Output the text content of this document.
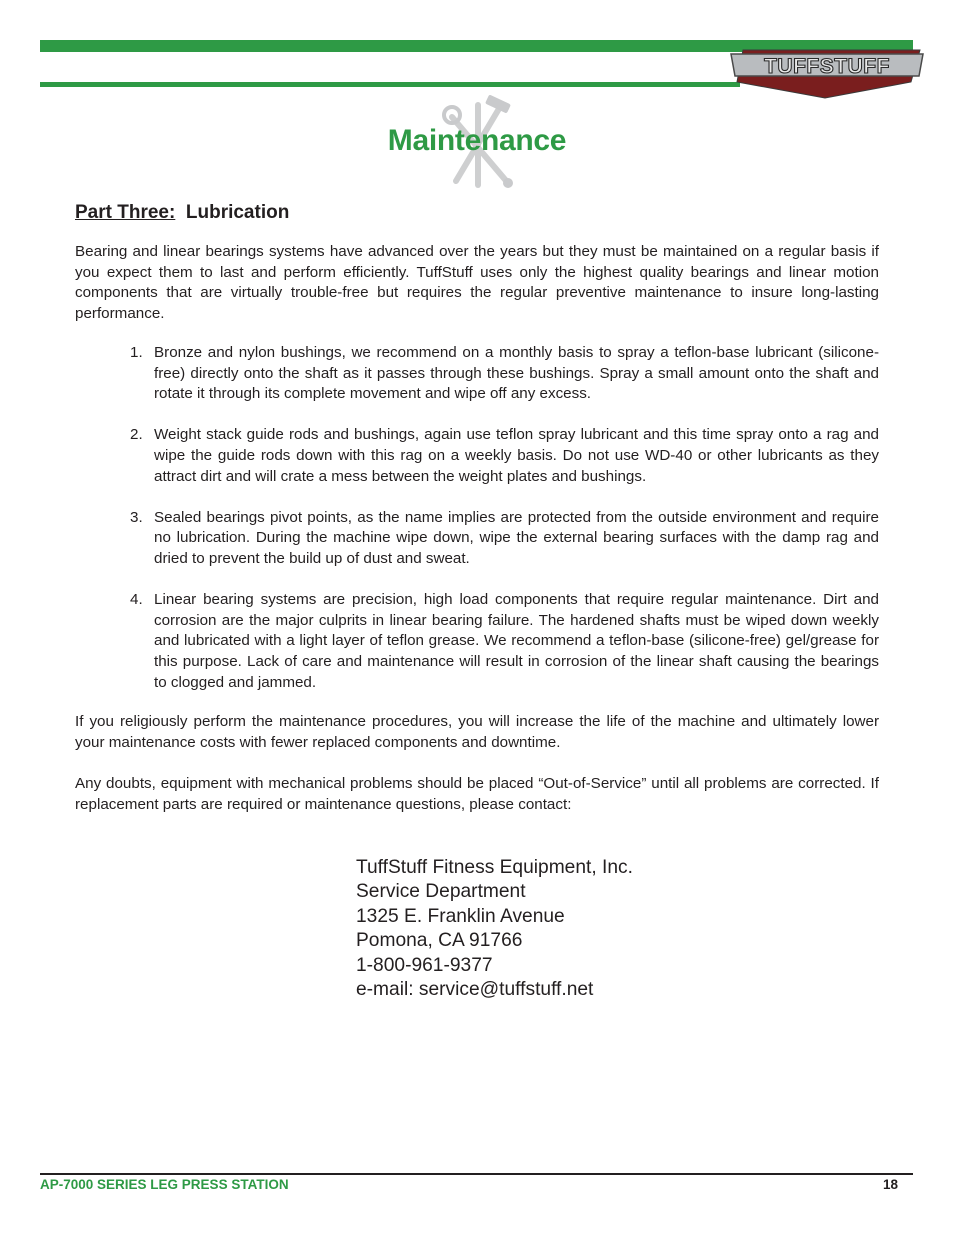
TUFFSTUFF
Maintenance
Part Three: Lubrication

Bearing and linear bearings systems have advanced over the years but they must be maintained on a regular basis if you expect them to last and perform efficiently. TuffStuff uses only the highest quality bearings and linear motion components that are virtually trouble-free but requires the regular preventive maintenance to insure long-lasting performance.

1. Bronze and nylon bushings, we recommend on a monthly basis to spray a teflon-base lubricant (silicone-free) directly onto the shaft as it passes through these bushings. Spray a small amount onto the shaft and rotate it through its complete movement and wipe off any excess.
2. Weight stack guide rods and bushings, again use teflon spray lubricant and this time spray onto a rag and wipe the guide rods down with this rag on a weekly basis. Do not use WD-40 or other lubricants as they attract dirt and will crate a mess between the weight plates and bushings.
3. Sealed bearings pivot points, as the name implies are protected from the outside environment and require no lubrication. During the machine wipe down, wipe the external bearing surfaces with the damp rag and dried to prevent the build up of dust and sweat.
4. Linear bearing systems are precision, high load components that require regular maintenance. Dirt and corrosion are the major culprits in linear bearing failure. The hardened shafts must be wiped down weekly and lubricated with a light layer of teflon grease. We recommend a teflon-base (silicone-free) gel/grease for this purpose. Lack of care and maintenance will result in corrosion of the linear shaft causing the bearings to clogged and jammed.

If you religiously perform the maintenance procedures, you will increase the life of the machine and ultimately lower your maintenance costs with fewer replaced components and downtime.

Any doubts, equipment with mechanical problems should be placed “Out-of-Service” until all problems are corrected. If replacement parts are required or maintenance questions, please contact:

TuffStuff Fitness Equipment, Inc.
Service Department
1325 E. Franklin Avenue
Pomona, CA 91766
1-800-961-9377
e-mail: service@tuffstuff.net
AP-7000 SERIES LEG PRESS STATION	18
